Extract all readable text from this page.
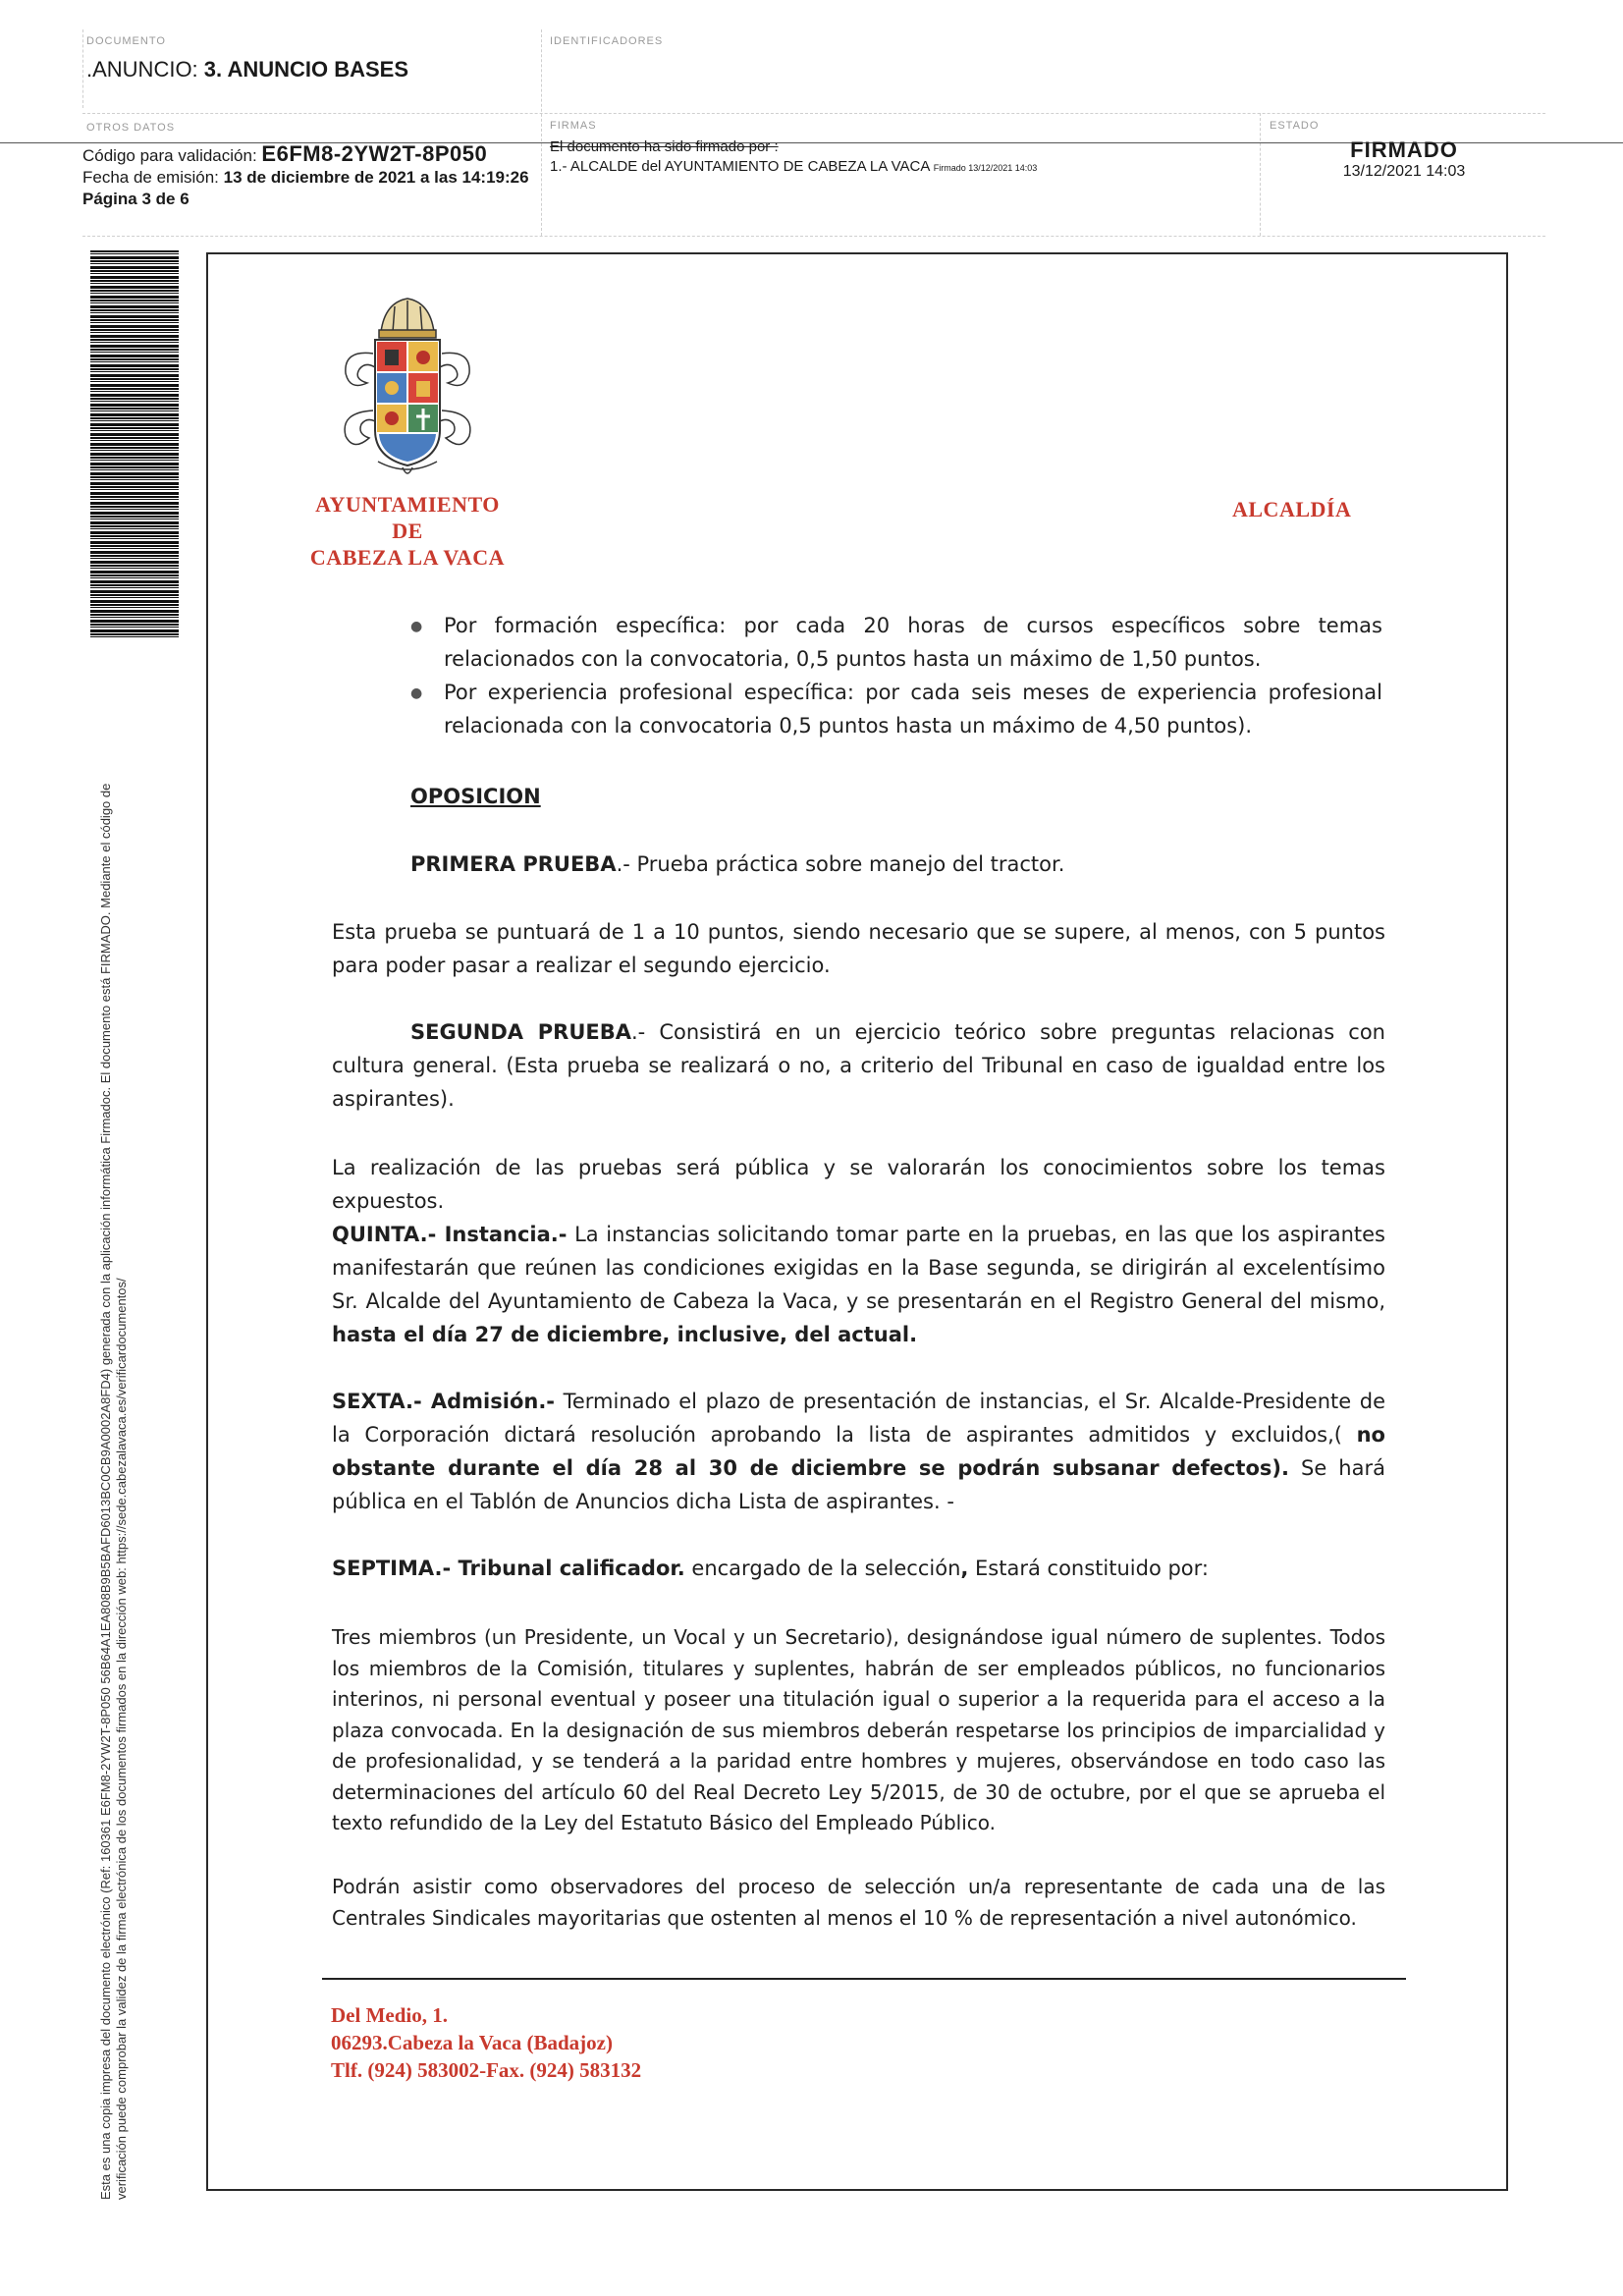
DOCUMENTO	IDENTIFICADORES
.ANUNCIO: 3. ANUNCIO BASES
OTROS DATOS	FIRMAS	ESTADO
Código para validación: E6FM8-2YW2T-8P050
Fecha de emisión: 13 de diciembre de 2021 a las 14:19:26
Página 3 de 6
El documento ha sido firmado por :
1.- ALCALDE del AYUNTAMIENTO DE CABEZA LA VACA Firmado 13/12/2021 14:03
FIRMADO
13/12/2021 14:03
Esta es una copia impresa del documento electrónico (Ref: 160361 E6FM8-2YW2T-8P050 56B64A1EA808B9B5BAFD6013BC0CB9A0002A8FD4) generada con la aplicación informática Firmadoc. El documento está FIRMADO. Mediante el código de verificación puede comprobar la validez de la firma electrónica de los documentos firmados en la dirección web: https://sede.cabezalavaca.es/verificardocumentos/
AYUNTAMIENTO
DE
CABEZA LA VACA
ALCALDÍA
●	Por formación específica: por cada 20 horas de cursos específicos sobre temas relacionados con la convocatoria, 0,5 puntos hasta un máximo de 1,50 puntos.
●	Por experiencia profesional específica: por cada seis meses de experiencia profesional relacionada con la convocatoria 0,5 puntos hasta un máximo de 4,50 puntos).
OPOSICION
PRIMERA PRUEBA.- Prueba práctica sobre manejo del tractor.
Esta prueba se puntuará de 1 a 10 puntos, siendo necesario que se supere, al menos, con 5 puntos para poder pasar a realizar el segundo ejercicio.
SEGUNDA PRUEBA.- Consistirá en un ejercicio teórico sobre preguntas relacionas con cultura general. (Esta prueba se realizará o no, a criterio del Tribunal en caso de igualdad entre los aspirantes).
La realización de las pruebas será pública y se valorarán los conocimientos sobre los temas expuestos.
QUINTA.- Instancia.- La instancias solicitando tomar parte en la pruebas, en las que los aspirantes manifestarán que reúnen las condiciones exigidas en la Base segunda, se dirigirán al excelentísimo Sr. Alcalde del Ayuntamiento de Cabeza la Vaca, y se presentarán en el Registro General del mismo, hasta el día 27 de diciembre, inclusive, del actual.
SEXTA.- Admisión.- Terminado el plazo de presentación de instancias, el Sr. Alcalde-Presidente de la Corporación dictará resolución aprobando la lista de aspirantes admitidos y excluidos,( no obstante durante el día 28 al 30 de diciembre se podrán subsanar defectos). Se hará pública en el Tablón de Anuncios dicha Lista de aspirantes. -
SEPTIMA.- Tribunal calificador. encargado de la selección, Estará constituido por:
Tres miembros (un Presidente, un Vocal y un Secretario), designándose igual número de suplentes. Todos los miembros de la Comisión, titulares y suplentes, habrán de ser empleados públicos, no funcionarios interinos, ni personal eventual y poseer una titulación igual o superior a la requerida para el acceso a la plaza convocada. En la designación de sus miembros deberán respetarse los principios de imparcialidad y de profesionalidad, y se tenderá a la paridad entre hombres y mujeres, observándose en todo caso las determinaciones del artículo 60 del Real Decreto Ley 5/2015, de 30 de octubre, por el que se aprueba el texto refundido de la Ley del Estatuto Básico del Empleado Público.
Podrán asistir como observadores del proceso de selección un/a representante de cada una de las Centrales Sindicales mayoritarias que ostenten al menos el 10 % de representación a nivel autonómico.
Del Medio, 1.
06293.Cabeza la Vaca (Badajoz)
Tlf. (924) 583002-Fax. (924) 583132
